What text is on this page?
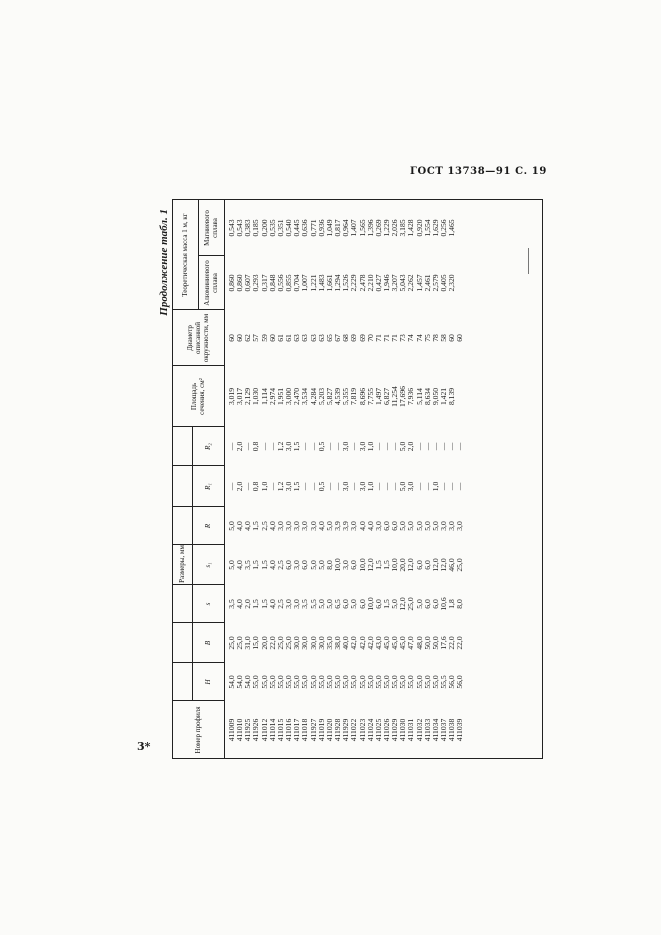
ГОСТ 13738—91 С. 19
3*
Продолжение табл. 1
Номер профиля
Размеры, мм
H
B
s
s₁
R
R₁
R₂
Площадь сечения, см²
Диаметр описанной окружности, мм
Теоретическая масса 1 м, кг	Алюминиевого сплава
Магниевого сплава
411009 411010 411925 411926 411012 411014 411015 411016 411017 411018 411927 411019 411020 411928 411929 411022 411023 411024 411025 411026 411029 411030 411031 411032 411033 411034 411037 411038 411039
54,0 54,0 54,0 55,0 55,0 55,0 55,0 55,0 55,0 55,0 55,0 55,0 55,0 55,0 55,0 55,0 55,0 55,0 55,0 55,0 55,0 55,0 55,0 55,0 55,0 55,0 55,5 56,0 56,0
25,0 25,0 31,0 15,0 20,0 22,0 25,0 25,0 30,0 30,0 30,0 30,0 35,0 38,0 40,0 42,0 42,0 42,0 43,0 45,0 45,0 45,0 47,0 48,0 50,0 50,0 17,6 22,0 22,0
3,5 4,0 2,0 1,5 1,5 4,0 2,5 3,0 3,0 3,5 5,5 5,0 5,0 6,5 6,0 5,0 6,0 10,0 6,0 1,5 5,0 12,0 25,0 5,0 6,0 6,0 10,6 1,8 8,0
5,0 4,0 3,5 1,5 1,5 4,0 2,5 6,0 3,0 6,0 5,0 5,0 8,0 10,0 3,0 6,0 10,0 12,0 1,5 1,5 10,0 20,0 12,0 6,0 6,0 12,0 12,0 46,0 25,0
5,0 4,0 4,0 1,5 2,5 4,0 3,0 3,0 3,0 3,0 3,0 4,0 5,0 3,9 3,9 3,0 4,0 4,0 3,0 6,0 6,0 5,0 5,0 5,0 5,0 5,0 3,0 3,0 3,0
— 2,0 — 0,8 1,0 — 1,2 3,0 1,5 — — 0,5 — — 3,0 — 3,0 1,0 — — — 5,0 3,0 — — 1,0 — — —
— 2,0 — 0,8 — — 1,2 3,0 1,5 — — 0,5 — — 3,0 — 3,0 1,0 — — — 5,0 2,0 — — — — — —
3,019 3,017 2,129 1,030 1,114 2,974 1,951 3,000 2,470 3,534 4,284 5,203 5,827 4,539 5,355 7,819 8,696 7,755 1,497 6,827 11,254 17,696 7,936 5,114 8,634 9,050 1,421 8,139

60 60 62 57 59 60 61 61 63 63 63 63 65 67 68 69 69 70 71 71 71 73 74 74 75 78 58 60 60
0,860 0,860 0,607 0,293 0,317 0,848 0,556 0,855 0,704 1,007 1,221 1,483 1,661 1,294 1,526 2,229 2,478 2,210 0,427 1,946 3,207 5,043 2,262 1,457 2,461 2,579 0,405 2,320

0,543 0,543 0,383 0,185 0,200 0,535 0,351 0,540 0,445 0,636 0,771 0,936 1,049 0,817 0,964 1,407 1,565 1,396 0,269 1,229 2,026 3,185 1,428 0,920 1,554 1,629 0,256 1,465
